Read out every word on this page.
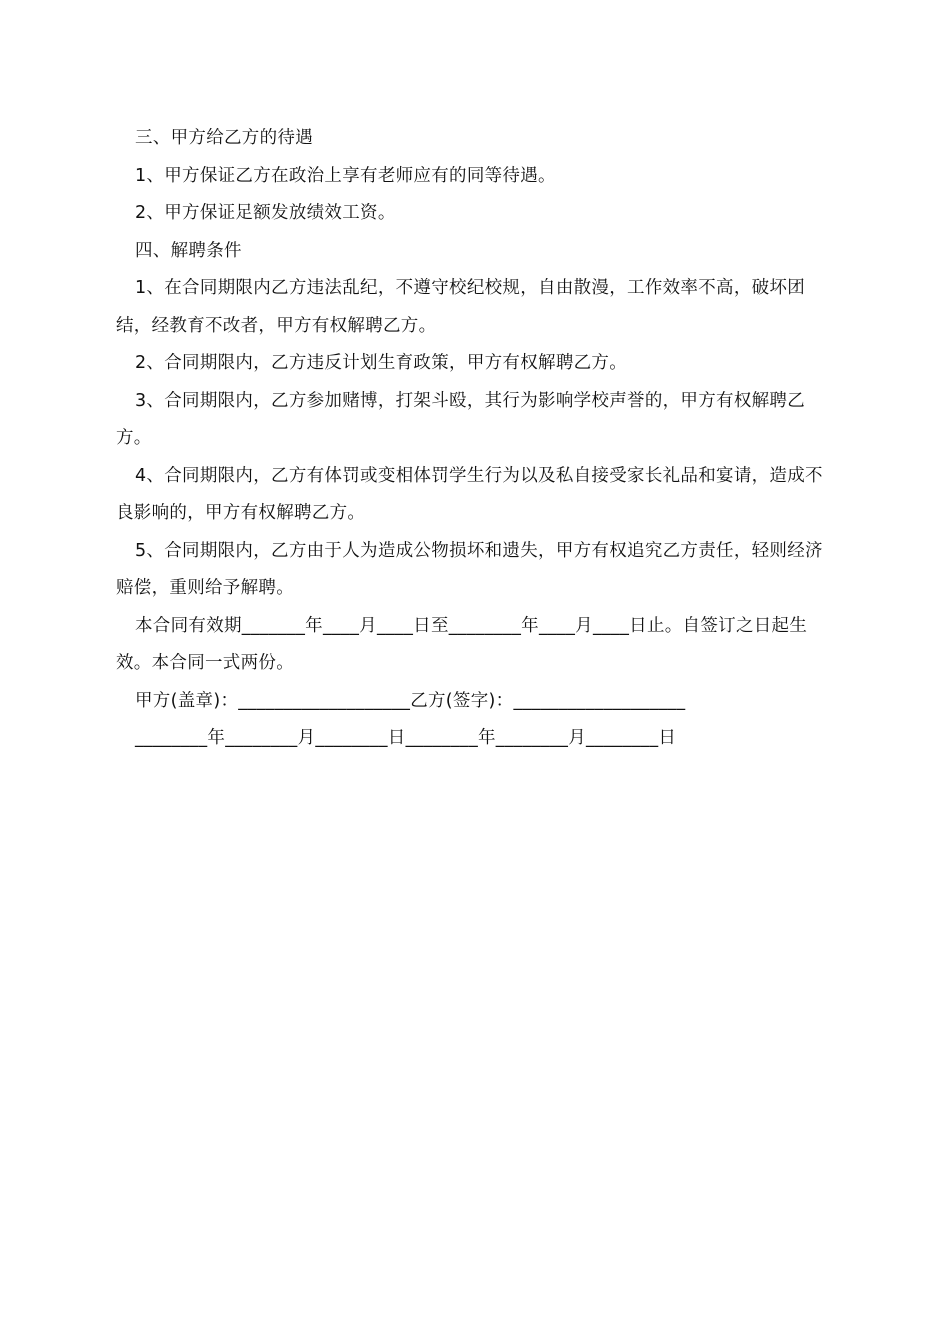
三、甲方给乙方的待遇

1、甲方保证乙方在政治上享有老师应有的同等待遇。

2、甲方保证足额发放绩效工资。

四、解聘条件

1、在合同期限内乙方违法乱纪，不遵守校纪校规，自由散漫，工作效率不高，破坏团结，经教育不改者，甲方有权解聘乙方。

2、合同期限内，乙方违反计划生育政策，甲方有权解聘乙方。

3、合同期限内，乙方参加赌博，打架斗殴，其行为影响学校声誉的，甲方有权解聘乙方。

4、合同期限内，乙方有体罚或变相体罚学生行为以及私自接受家长礼品和宴请，造成不良影响的，甲方有权解聘乙方。

5、合同期限内，乙方由于人为造成公物损坏和遗失，甲方有权追究乙方责任，轻则经济赔偿，重则给予解聘。

本合同有效期_______年____月____日至________年____月____日止。自签订之日起生效。本合同一式两份。

甲方(盖章)：___________________乙方(签字)：___________________

________年________月________日________年________月________日
